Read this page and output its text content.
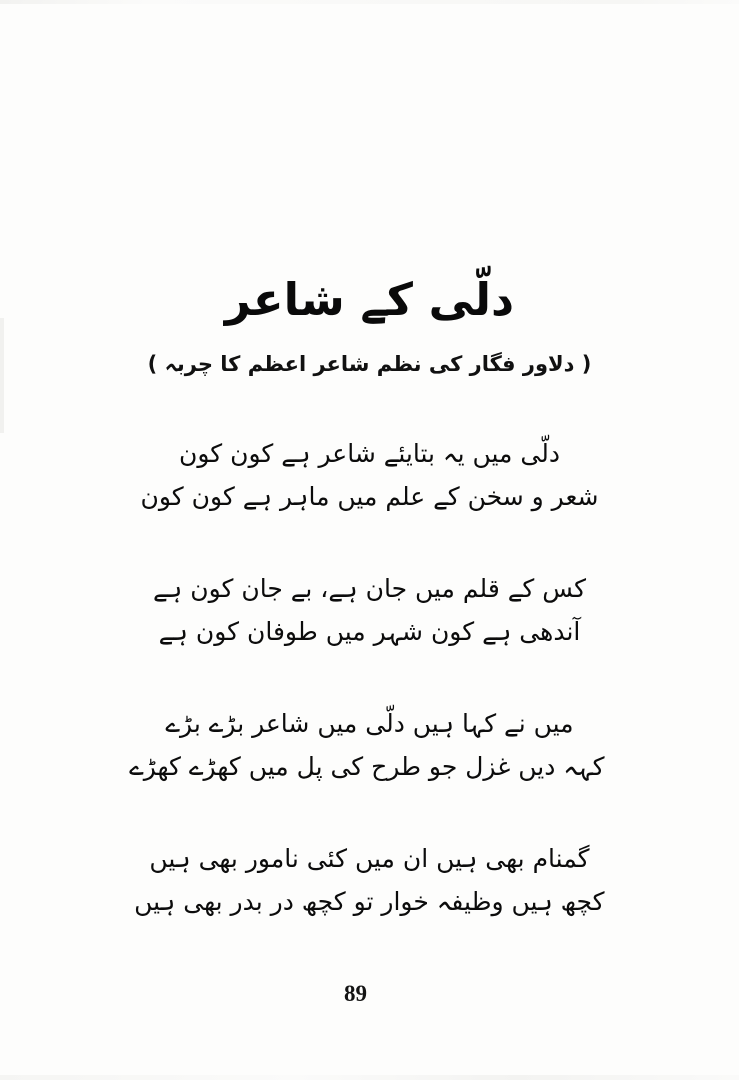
دلّی کے شاعر
( دلاور فگار کی نظم شاعر اعظم کا چربہ )
دلّی میں یہ بتایئے شاعر ہے کون کون
شعر و سخن کے علم میں ماہر ہے کون کون
کس کے قلم میں جان ہے، بے جان کون ہے
آندھی ہے کون شہر میں طوفان کون ہے
میں نے کہا ہیں دلّی میں شاعر بڑے بڑے
کہہ دیں غزل جو طرح کی پل میں کھڑے کھڑے
گمنام بھی ہیں ان میں کئی نامور بھی ہیں
کچھ ہیں وظیفہ خوار تو کچھ در بدر بھی ہیں
89
